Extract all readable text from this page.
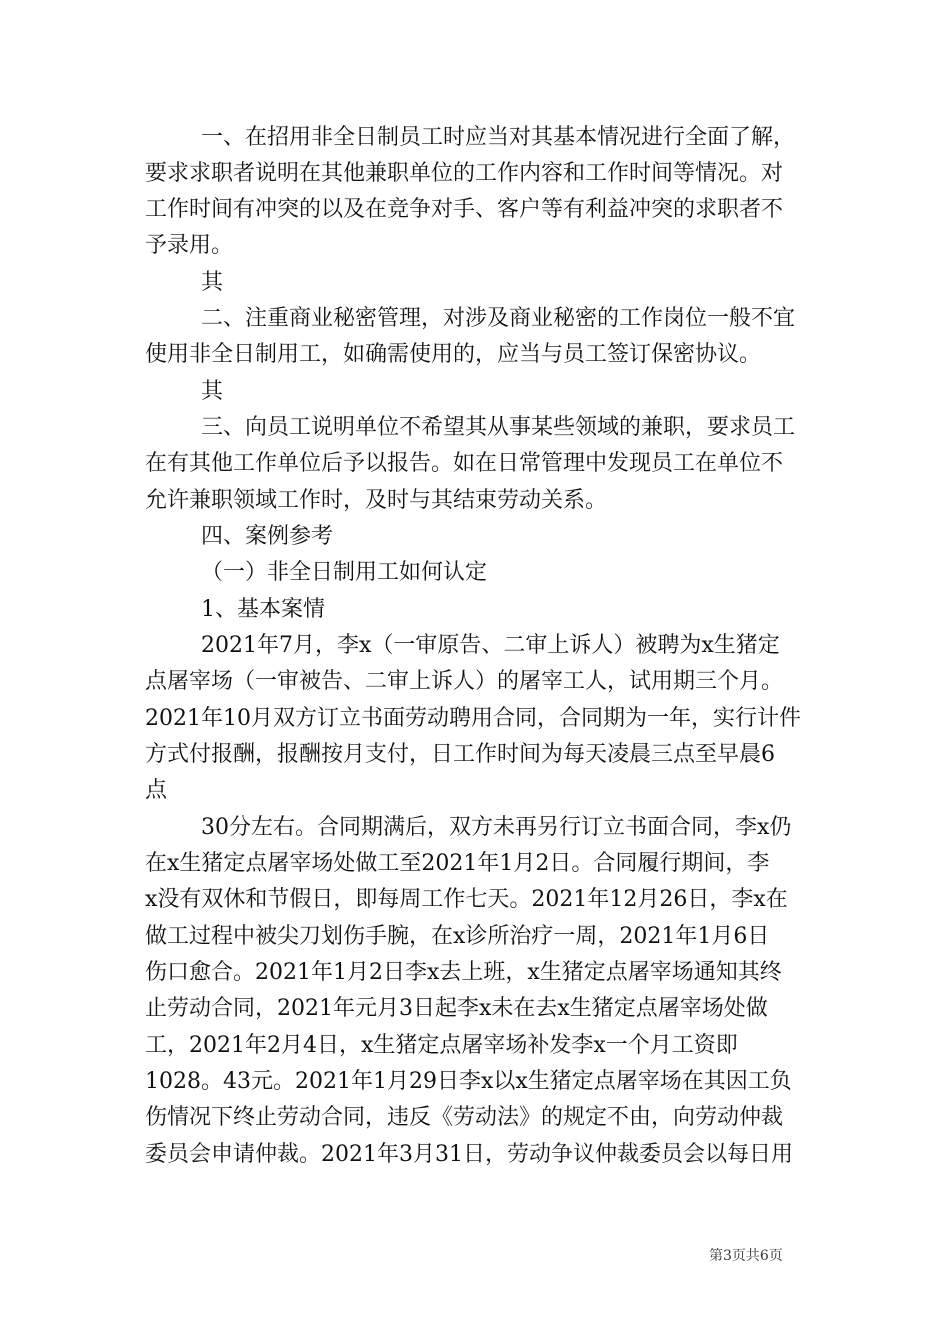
一、在招用非全日制员工时应当对其基本情况进行全面了解，
要求求职者说明在其他兼职单位的工作内容和工作时间等情况。对
工作时间有冲突的以及在竞争对手、客户等有利益冲突的求职者不
予录用。
其
二、注重商业秘密管理，对涉及商业秘密的工作岗位一般不宜
使用非全日制用工，如确需使用的，应当与员工签订保密协议。
其
三、向员工说明单位不希望其从事某些领域的兼职，要求员工
在有其他工作单位后予以报告。如在日常管理中发现员工在单位不
允许兼职领域工作时，及时与其结束劳动关系。
四、案例参考
（一）非全日制用工如何认定
1、基本案情
2021年7月，李x（一审原告、二审上诉人）被聘为x生猪定
点屠宰场（一审被告、二审上诉人）的屠宰工人，试用期三个月。
2021年10月双方订立书面劳动聘用合同，合同期为一年，实行计件
方式付报酬，报酬按月支付，日工作时间为每天凌晨三点至早晨6
点
30分左右。合同期满后，双方未再另行订立书面合同，李x仍
在x生猪定点屠宰场处做工至2021年1月2日。合同履行期间，李
x没有双休和节假日，即每周工作七天。2021年12月26日，李x在
做工过程中被尖刀划伤手腕，在x诊所治疗一周，2021年1月6日
伤口愈合。2021年1月2日李x去上班，x生猪定点屠宰场通知其终
止劳动合同，2021年元月3日起李x未在去x生猪定点屠宰场处做
工，2021年2月4日，x生猪定点屠宰场补发李x一个月工资即
1028。43元。2021年1月29日李x以x生猪定点屠宰场在其因工负
伤情况下终止劳动合同，违反《劳动法》的规定不由，向劳动仲裁
委员会申请仲裁。2021年3月31日，劳动争议仲裁委员会以每日用
第3页共6页
